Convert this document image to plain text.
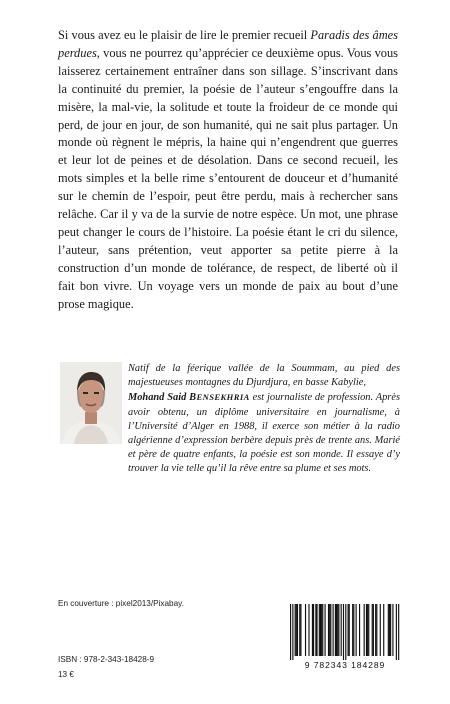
Si vous avez eu le plaisir de lire le premier recueil Paradis des âmes perdues, vous ne pourrez qu’apprécier ce deuxième opus. Vous vous laisserez certainement entraîner dans son sillage. S’inscrivant dans la continuité du premier, la poésie de l’auteur s’engouffre dans la misère, la mal-vie, la solitude et toute la froideur de ce monde qui perd, de jour en jour, de son humanité, qui ne sait plus partager. Un monde où règnent le mépris, la haine qui n’engendrent que guerres et leur lot de peines et de désolation. Dans ce second recueil, les mots simples et la belle rime s’entourent de douceur et d’humanité sur le chemin de l’espoir, peut être perdu, mais à rechercher sans relâche. Car il y va de la survie de notre espèce. Un mot, une phrase peut changer le cours de l’histoire. La poésie étant le cri du silence, l’auteur, sans prétention, veut apporter sa petite pierre à la construction d’un monde de tolérance, de respect, de liberté où il fait bon vivre. Un voyage vers un monde de paix au bout d’une prose magique.

Natif de la féerique vallée de la Soummam, au pied des majestueuses montagnes du Djurdjura, en basse Kabylie,
Mohand Said BENSEKHRIA est journaliste de profession. Après avoir obtenu, un diplôme universitaire en journalisme, à l’Université d’Alger en 1988, il exerce son métier à la radio algérienne d’expression berbère depuis près de trente ans. Marié et père de quatre enfants, la poésie est son monde. Il essaye d’y trouver la vie telle qu’il la rêve entre sa plume et ses mots.

En couverture : pixel2013/Pixabay.
ISBN : 978-2-343-18428-9
13 €
9 782343 184289
